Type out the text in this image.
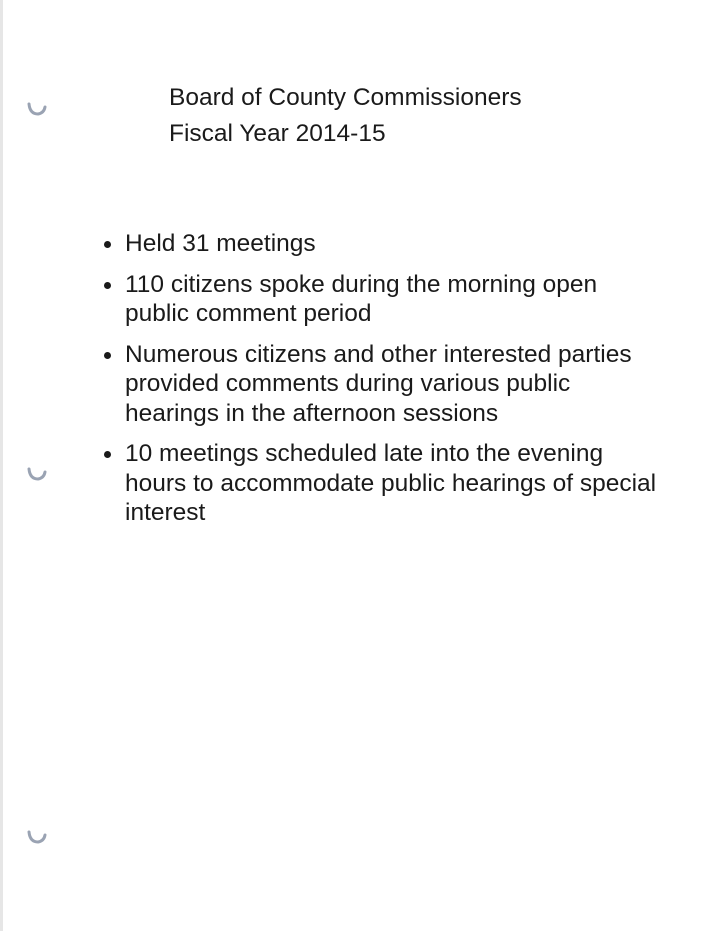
Board of County Commissioners

Fiscal Year 2014-15

Held 31 meetings
110 citizens spoke during the morning open public comment period
Numerous citizens and other interested parties provided comments during various public hearings in the afternoon sessions
10 meetings scheduled late into the evening hours to accommodate public hearings of special interest
